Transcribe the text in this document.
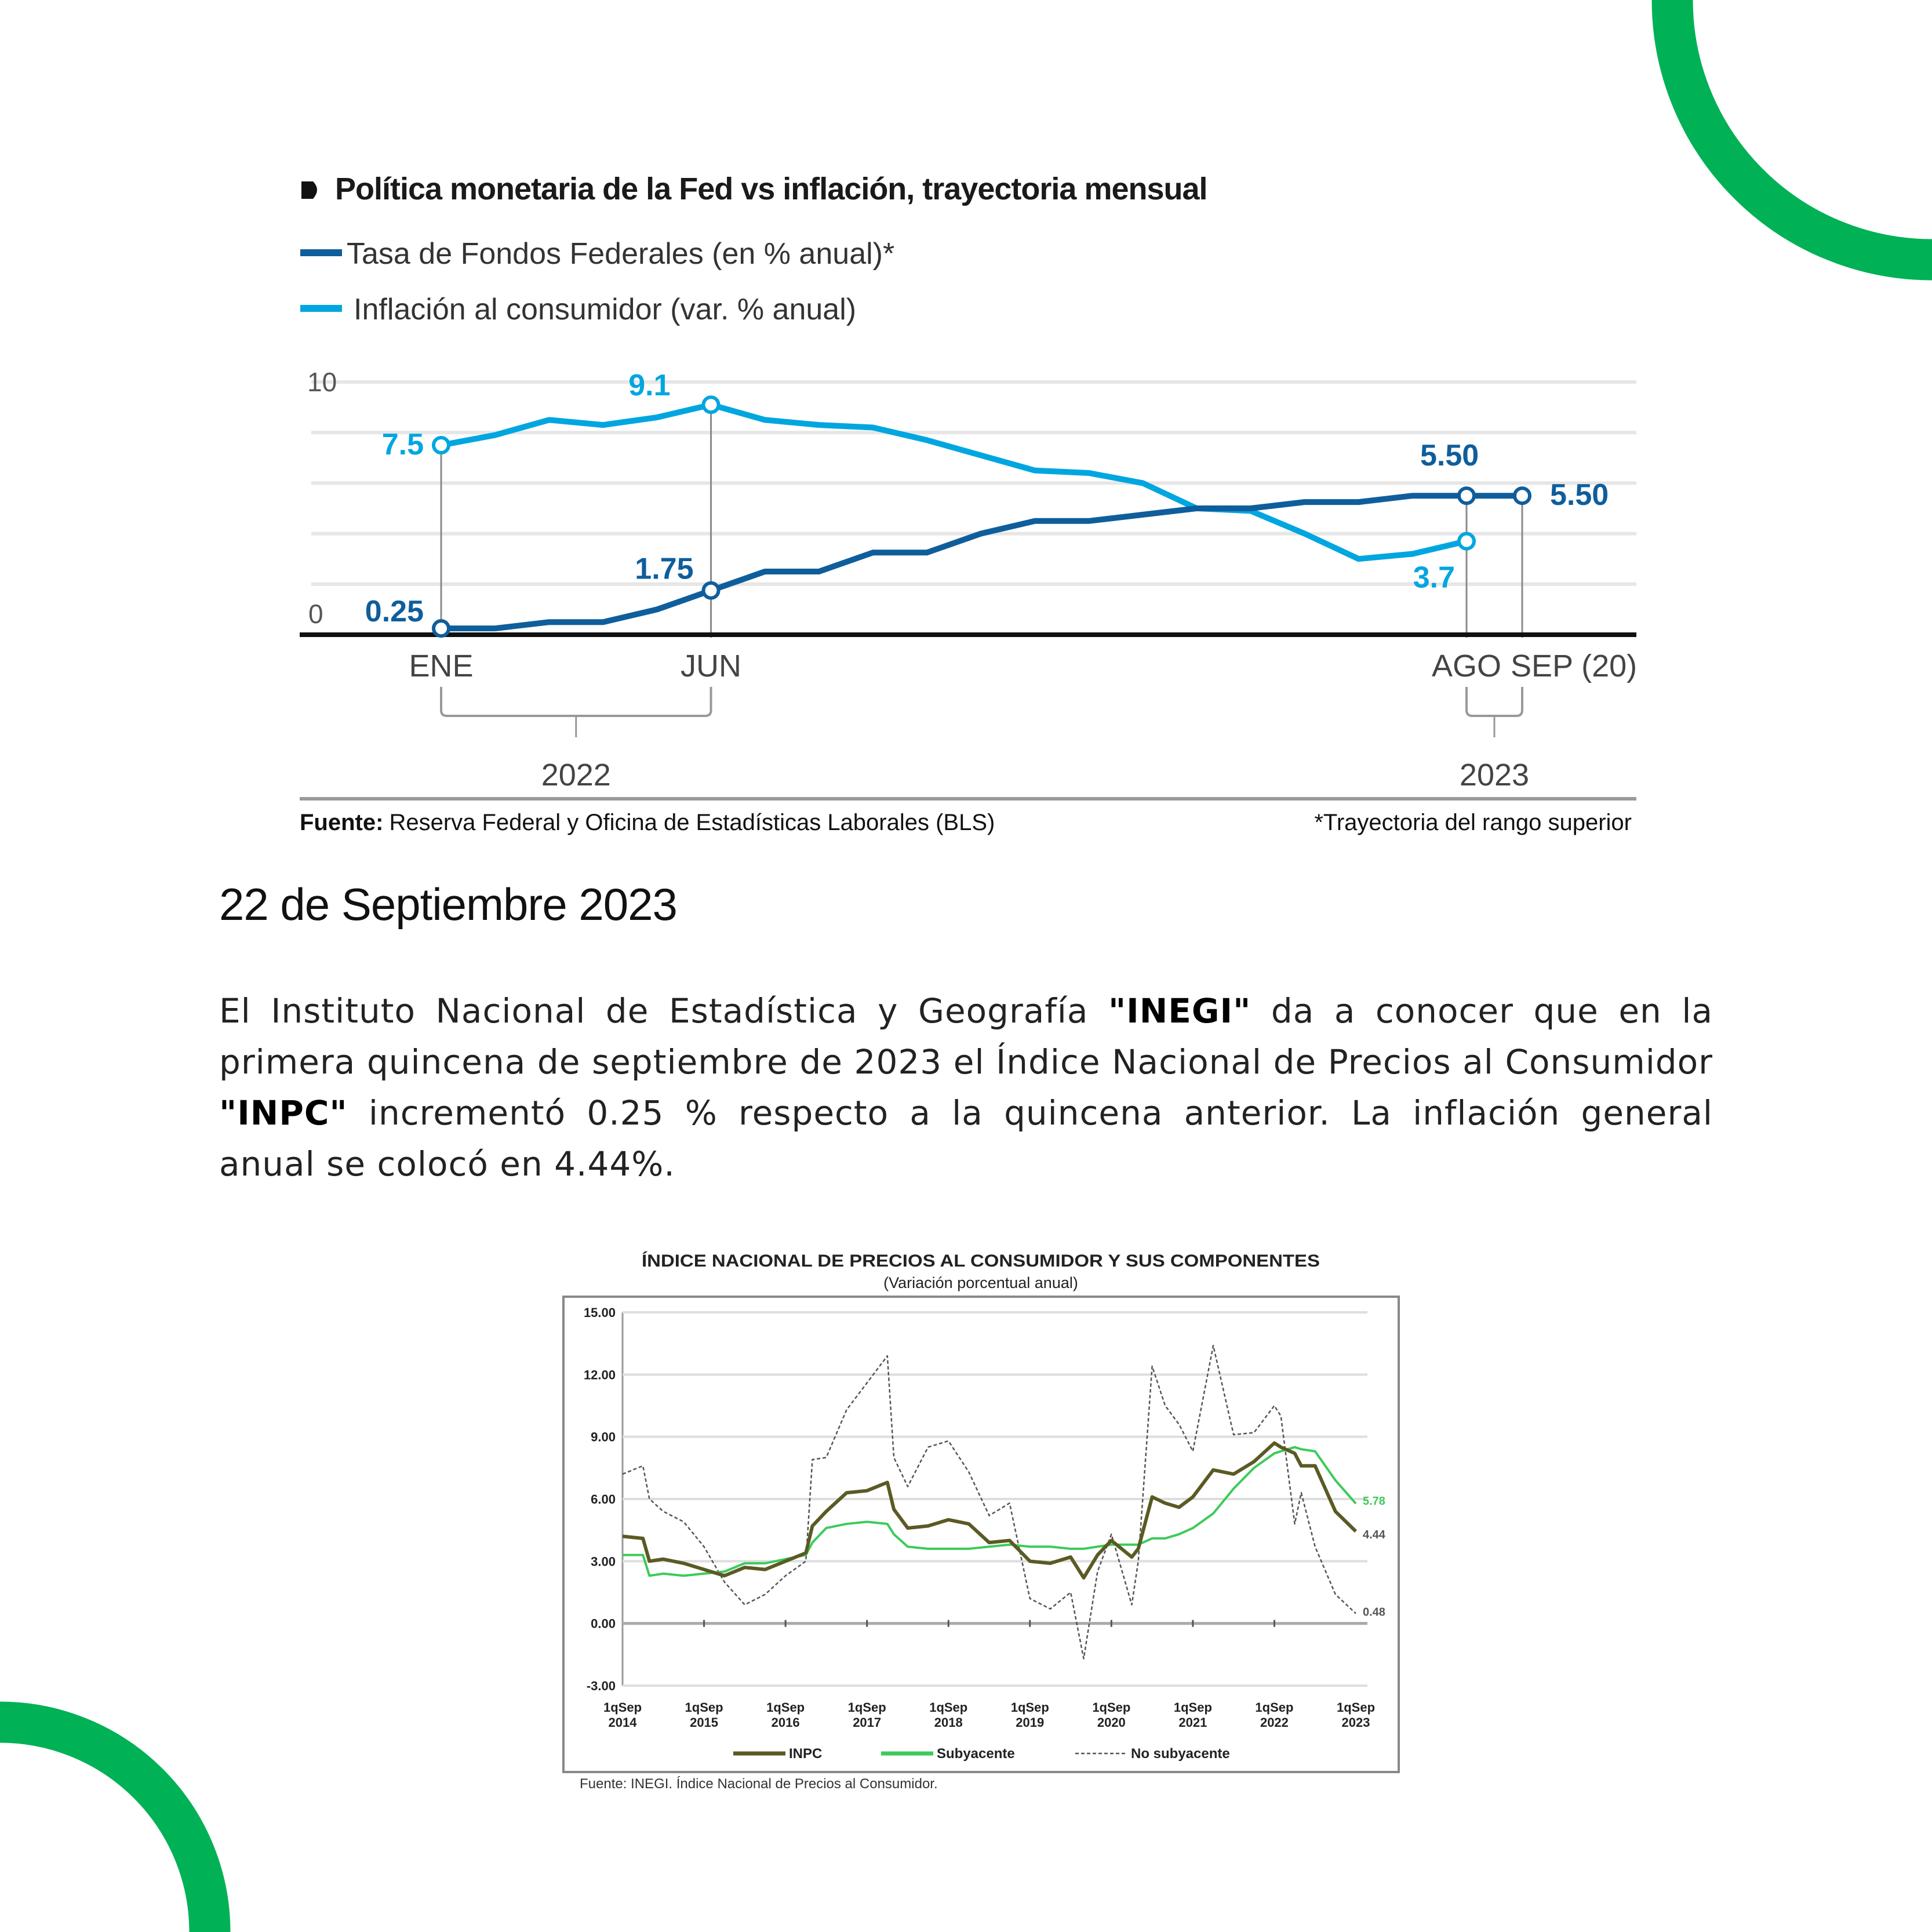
Política monetaria de la Fed vs inflación, trayectoria mensual
Tasa de Fondos Federales (en % anual)*
Inflación al consumidor (var. % anual)
10
0 0.25
1.75
5.50
5.50
7.5
9.1
3.7
ENE	JUN	AGO SEP (20)
2022	2023
Fuente: Reserva Federal y Oficina de Estadísticas Laborales (BLS)	*Trayectoria del rango superior
22 de Septiembre 2023
El Instituto Nacional de Estadística y Geografía "INEGI" da a conocer que en la primera quincena de septiembre de 2023 el Índice Nacional de Precios al Consumidor "INPC" incrementó 0.25 % respecto a la quincena anterior. La inflación general anual se colocó en 4.44%.
ÍNDICE NACIONAL DE PRECIOS AL CONSUMIDOR Y SUS COMPONENTES
(Variación porcentual anual)
15.00
12.00
9.00
6.00
3.00
0.00
-3.00
1qSep
2014
1qSep
2015
1qSep
2016
1qSep
2017
1qSep
2018
1qSep
2019
1qSep
2020
1qSep
2021
1qSep
2022
1qSep
2023
4.44
5.78
0.48
INPC	Subyacente	No subyacente
Fuente: INEGI. Índice Nacional de Precios al Consumidor.
